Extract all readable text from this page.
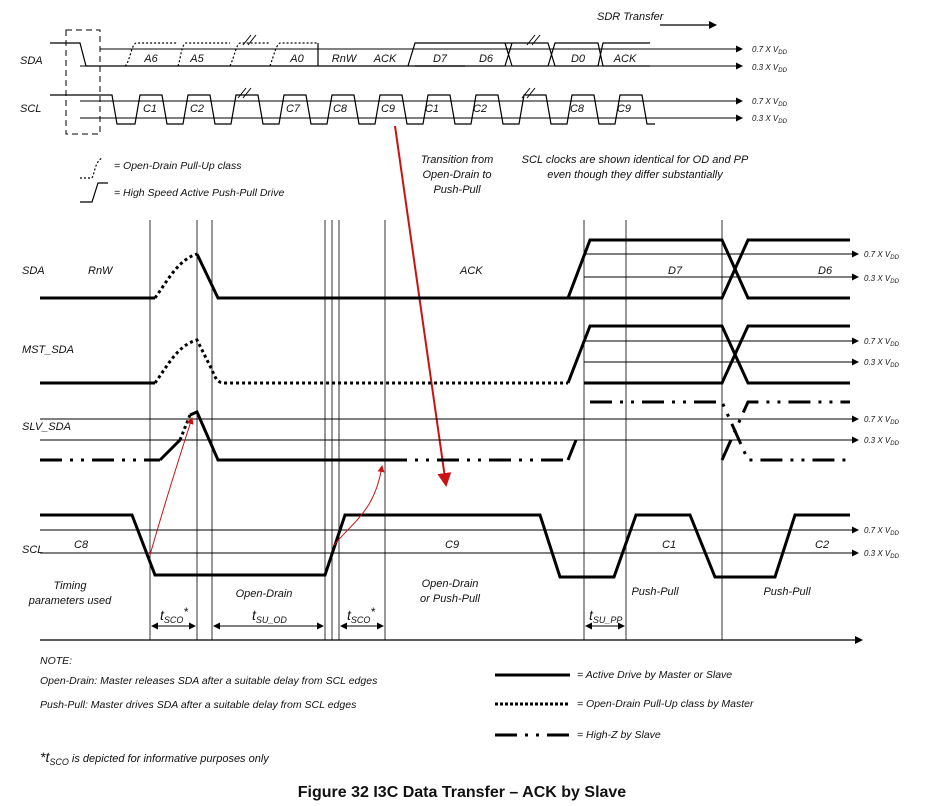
SDR Transfer
SDA
SCL
0.7 X $V_{DD}$
0.3 X $V_{DD}$
0.7 X $V_{DD}$
0.3 X $V_{DD}$
A6	A5	A0	RnW ACK	D7	D6	D0	ACK
C1	C2	C7	C8	C9	C1	C2	C8	C9
= Open-Drain Pull-Up class
= High Speed Active Push-Pull Drive
Transition from
Open-Drain to
Push-Pull
SCL clocks are shown identical for OD and PP
even though they differ substantially
0.7 X $V_{DD}$
0.3 X $V_{DD}$
0.7 X $V_{DD}$
0.3 X $V_{DD}$
0.7 X $V_{DD}$
0.3 X $V_{DD}$
0.7 X $V_{DD}$
0.3 X $V_{DD}$
SDA	RnW	ACK	D7	D6
MST_SDA
SLV_SDA
SCL	C8	C9	C1	C2
Timing
parameters used
Open-Drain
Open-Drain
or Push-Pull
Push-Pull	Push-Pull
$t_{SCO}*$	$t_{SU\_OD}$	$t_{SCO}*$	$t_{SU\_PP}$
NOTE:
Open-Drain: Master releases SDA after a suitable delay from SCL edges
Push-Pull: Master drives SDA after a suitable delay from SCL edges
$*t_{SCO}$ is depicted for informative purposes only
= Active Drive by Master or Slave
= Open-Drain Pull-Up class by Master
= High-Z by Slave
Figure 32 I3C Data Transfer – ACK by Slave
